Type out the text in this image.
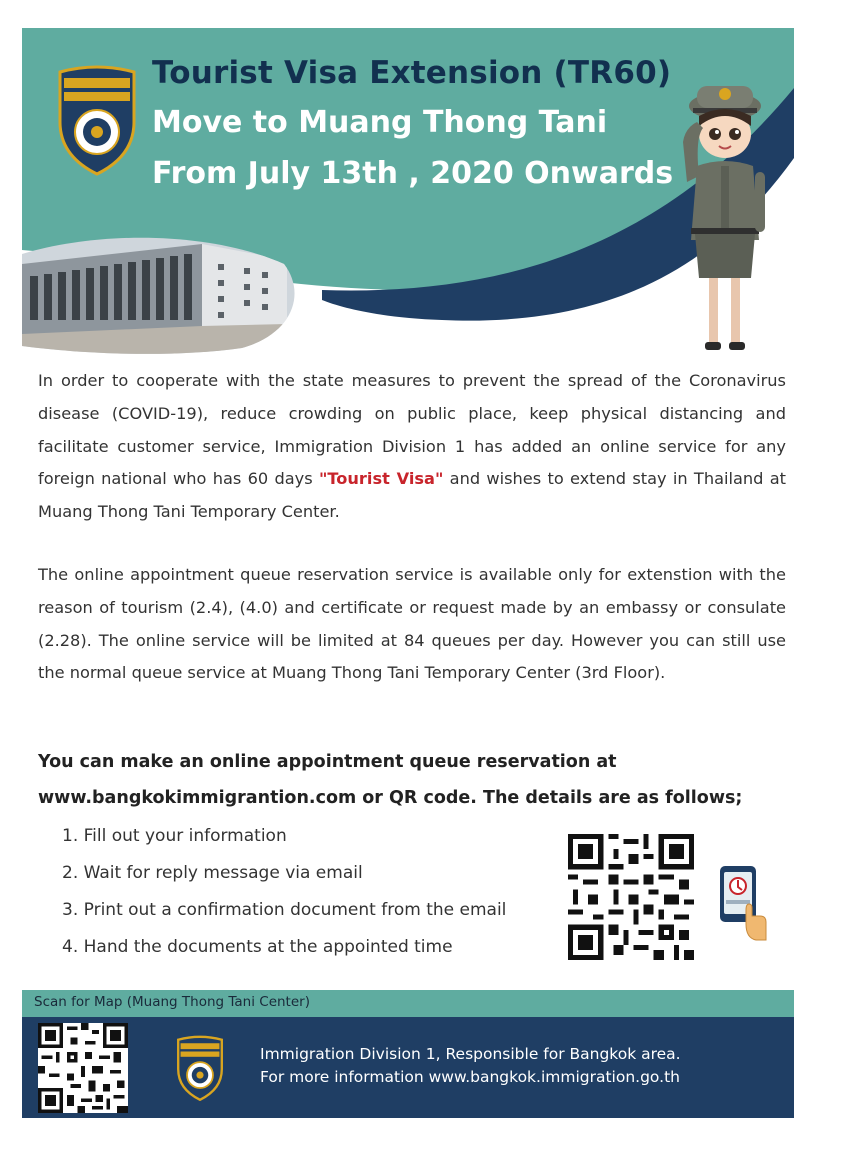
Tourist Visa Extension (TR60)
Move to Muang Thong Tani
From July 13th , 2020 Onwards

In order to cooperate with the state measures to prevent the spread of the Coronavirus disease (COVID-19), reduce crowding on public place, keep physical distancing and facilitate customer service, Immigration Division 1 has added an online service for any foreign national who has 60 days "Tourist Visa" and wishes to extend stay in Thailand at Muang Thong Tani Temporary Center.

The online appointment queue reservation service is available only for extenstion with the reason of tourism (2.4), (4.0) and certificate or request made by an embassy or consulate (2.28). The online service will be limited at 84 queues per day. However you can still use the normal queue service at Muang Thong Tani Temporary Center (3rd Floor).

You can make an online appointment queue reservation at
www.bangkokimmigrantion.com or QR code. The details are as follows;
1. Fill out your information
2. Wait for reply message via email
3. Print out a confirmation document from the email
4. Hand the documents at the appointed time
Scan for Map (Muang Thong Tani Center)
Immigration Division 1, Responsible for Bangkok area.
For more information www.bangkok.immigration.go.th
